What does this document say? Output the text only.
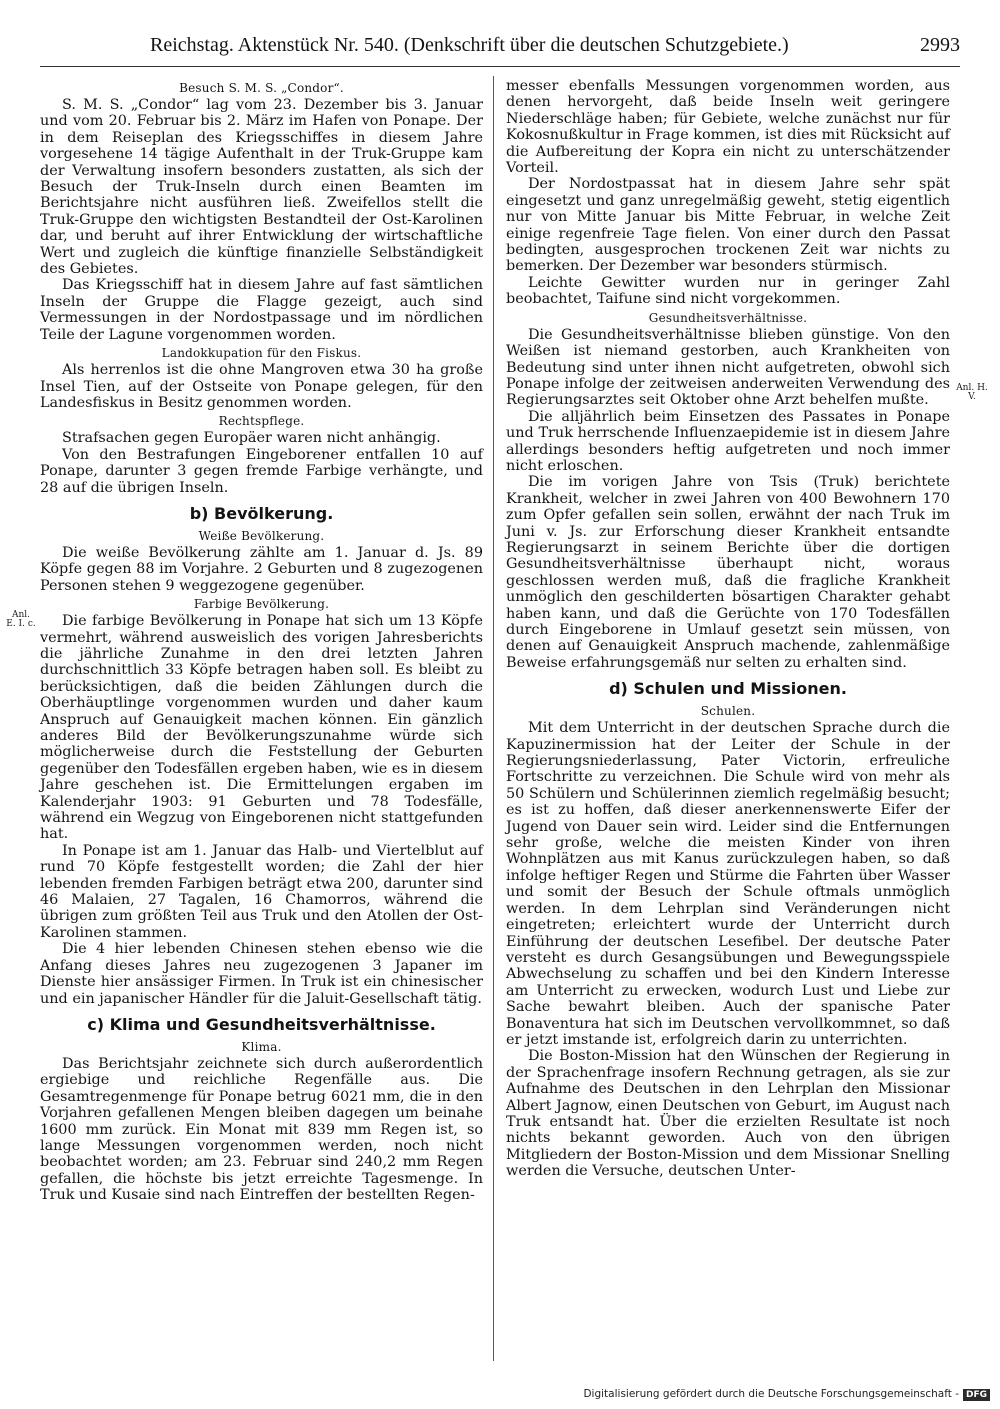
Reichstag. Aktenstück Nr. 540. (Denkschrift über die deutschen Schutzgebiete.)	2993
Besuch S. M. S. „Condor“.

S. M. S. „Condor“ lag vom 23. Dezember bis 3. Januar und vom 20. Februar bis 2. März im Hafen von Ponape. Der in dem Reiseplan des Kriegsschiffes in diesem Jahre vorgesehene 14 tägige Aufenthalt in der Truk-Gruppe kam der Verwaltung insofern besonders zustatten, als sich der Besuch der Truk-Inseln durch einen Beamten im Berichtsjahre nicht ausführen ließ. Zweifellos stellt die Truk-Gruppe den wichtigsten Bestandteil der Ost-Karolinen dar, und beruht auf ihrer Entwicklung der wirtschaftliche Wert und zugleich die künftige finanzielle Selbständigkeit des Gebietes.

Das Kriegsschiff hat in diesem Jahre auf fast sämtlichen Inseln der Gruppe die Flagge gezeigt, auch sind Vermessungen in der Nordostpassage und im nördlichen Teile der Lagune vorgenommen worden.

Landokkupation für den Fiskus.

Als herrenlos ist die ohne Mangroven etwa 30 ha große Insel Tien, auf der Ostseite von Ponape gelegen, für den Landesfiskus in Besitz genommen worden.

Rechtspflege.

Strafsachen gegen Europäer waren nicht anhängig.

Von den Bestrafungen Eingeborener entfallen 10 auf Ponape, darunter 3 gegen fremde Farbige verhängte, und 28 auf die übrigen Inseln.

b) Bevölkerung.
Weiße Bevölkerung.

Die weiße Bevölkerung zählte am 1. Januar d. Js. 89 Köpfe gegen 88 im Vorjahre. 2 Geburten und 8 zugezogenen Personen stehen 9 weggezogene gegenüber.

Farbige Bevölkerung.

Die farbige Bevölkerung in Ponape hat sich um 13 Köpfe vermehrt, während ausweislich des vorigen Jahresberichts die jährliche Zunahme in den drei letzten Jahren durchschnittlich 33 Köpfe betragen haben soll. Es bleibt zu berücksichtigen, daß die beiden Zählungen durch die Oberhäuptlinge vorgenommen wurden und daher kaum Anspruch auf Genauigkeit machen können. Ein gänzlich anderes Bild der Bevölkerungszunahme würde sich möglicherweise durch die Feststellung der Geburten gegenüber den Todesfällen ergeben haben, wie es in diesem Jahre geschehen ist. Die Ermittelungen ergaben im Kalenderjahr 1903: 91 Geburten und 78 Todesfälle, während ein Wegzug von Eingeborenen nicht stattgefunden hat.

In Ponape ist am 1. Januar das Halb- und Viertelblut auf rund 70 Köpfe festgestellt worden; die Zahl der hier lebenden fremden Farbigen beträgt etwa 200, darunter sind 46 Malaien, 27 Tagalen, 16 Chamorros, während die übrigen zum größten Teil aus Truk und den Atollen der Ost-Karolinen stammen.

Die 4 hier lebenden Chinesen stehen ebenso wie die Anfang dieses Jahres neu zugezogenen 3 Japaner im Dienste hier ansässiger Firmen. In Truk ist ein chinesischer und ein japanischer Händler für die Jaluit-Gesellschaft tätig.

c) Klima und Gesundheitsverhältnisse.
Klima.

Das Berichtsjahr zeichnete sich durch außerordentlich ergiebige und reichliche Regenfälle aus. Die Gesamtregenmenge für Ponape betrug 6021 mm, die in den Vorjahren gefallenen Mengen bleiben dagegen um beinahe 1600 mm zurück. Ein Monat mit 839 mm Regen ist, so lange Messungen vorgenommen werden, noch nicht beobachtet worden; am 23. Februar sind 240,2 mm Regen gefallen, die höchste bis jetzt erreichte Tagesmenge. In Truk und Kusaie sind nach Eintreffen der bestellten Regen-

messer ebenfalls Messungen vorgenommen worden, aus denen hervorgeht, daß beide Inseln weit geringere Niederschläge haben; für Gebiete, welche zunächst nur für Kokosnußkultur in Frage kommen, ist dies mit Rücksicht auf die Aufbereitung der Kopra ein nicht zu unterschätzender Vorteil.

Der Nordostpassat hat in diesem Jahre sehr spät eingesetzt und ganz unregelmäßig geweht, stetig eigentlich nur von Mitte Januar bis Mitte Februar, in welche Zeit einige regenfreie Tage fielen. Von einer durch den Passat bedingten, ausgesprochen trockenen Zeit war nichts zu bemerken. Der Dezember war besonders stürmisch.

Leichte Gewitter wurden nur in geringer Zahl beobachtet, Taifune sind nicht vorgekommen.

Gesundheitsverhältnisse.

Die Gesundheitsverhältnisse blieben günstige. Von den Weißen ist niemand gestorben, auch Krankheiten von Bedeutung sind unter ihnen nicht aufgetreten, obwohl sich Ponape infolge der zeitweisen anderweiten Verwendung des Regierungsarztes seit Oktober ohne Arzt behelfen mußte.

Die alljährlich beim Einsetzen des Passates in Ponape und Truk herrschende Influenzaepidemie ist in diesem Jahre allerdings besonders heftig aufgetreten und noch immer nicht erloschen.

Die im vorigen Jahre von Tsis (Truk) berichtete Krankheit, welcher in zwei Jahren von 400 Bewohnern 170 zum Opfer gefallen sein sollen, erwähnt der nach Truk im Juni v. Js. zur Erforschung dieser Krankheit entsandte Regierungsarzt in seinem Berichte über die dortigen Gesundheitsverhältnisse überhaupt nicht, woraus geschlossen werden muß, daß die fragliche Krankheit unmöglich den geschilderten bösartigen Charakter gehabt haben kann, und daß die Gerüchte von 170 Todesfällen durch Eingeborene in Umlauf gesetzt sein müssen, von denen auf Genauigkeit Anspruch machende, zahlenmäßige Beweise erfahrungsgemäß nur selten zu erhalten sind.

d) Schulen und Missionen.
Schulen.

Mit dem Unterricht in der deutschen Sprache durch die Kapuzinermission hat der Leiter der Schule in der Regierungsniederlassung, Pater Victorin, erfreuliche Fortschritte zu verzeichnen. Die Schule wird von mehr als 50 Schülern und Schülerinnen ziemlich regelmäßig besucht; es ist zu hoffen, daß dieser anerkennenswerte Eifer der Jugend von Dauer sein wird. Leider sind die Entfernungen sehr große, welche die meisten Kinder von ihren Wohnplätzen aus mit Kanus zurückzulegen haben, so daß infolge heftiger Regen und Stürme die Fahrten über Wasser und somit der Besuch der Schule oftmals unmöglich werden. In dem Lehrplan sind Veränderungen nicht eingetreten; erleichtert wurde der Unterricht durch Einführung der deutschen Lesefibel. Der deutsche Pater versteht es durch Gesangsübungen und Bewegungsspiele Abwechselung zu schaffen und bei den Kindern Interesse am Unterricht zu erwecken, wodurch Lust und Liebe zur Sache bewahrt bleiben. Auch der spanische Pater Bonaventura hat sich im Deutschen vervollkommnet, so daß er jetzt imstande ist, erfolgreich darin zu unterrichten.

Die Boston-Mission hat den Wünschen der Regierung in der Sprachenfrage insofern Rechnung getragen, als sie zur Aufnahme des Deutschen in den Lehrplan den Missionar Albert Jagnow, einen Deutschen von Geburt, im August nach Truk entsandt hat. Über die erzielten Resultate ist noch nichts bekannt geworden. Auch von den übrigen Mitgliedern der Boston-Mission und dem Missionar Snelling werden die Versuche, deutschen Unter-

Anl. E. I. c.
Anl. H. V.
Digitalisierung gefördert durch die Deutsche Forschungsgemeinschaft - DFG
